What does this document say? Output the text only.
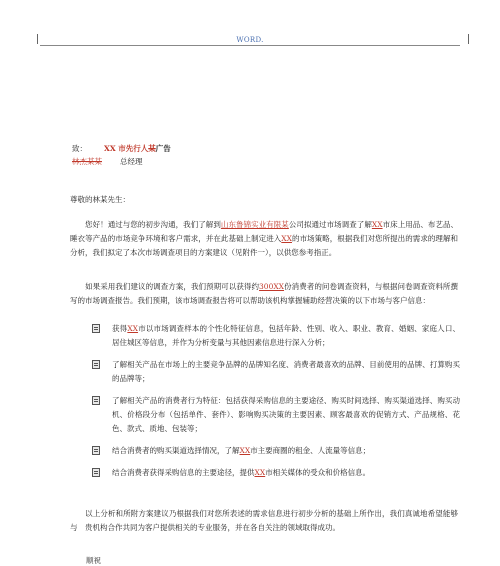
WORD.
致： XX 市先行人某广告
林杰某某 总经理
尊敬的林某先生：
您好！通过与您的初步沟通，我们了解到山东鲁锦实业有限某公司拟通过市场调查了解XX市床上用品、布艺品、睡衣等产品的市场竞争环境和客户需求，并在此基础上制定进入XX的市场策略，根据我们对您所提出的需求的理解和分析，我们拟定了本次市场调查项目的方案建议（见附件一），以供您参考指正。
如果采用我们建议的调查方案，我们预期可以获得约300XX份消费者的问卷调查资料，与根据问卷调查资料所撰写的市场调查报告。我们预期，该市场调查报告将可以帮助该机构掌握辅助经营决策的以下市场与客户信息：
获得XX市以市场调查样本的个性化特征信息，包括年龄、性别、收入、职业、教育、婚姻、家庭人口、居住城区等信息，并作为分析变量与其他因素信息进行深入分析；
了解相关产品在市场上的主要竞争品牌的品牌知名度、消费者最喜欢的品牌、目前使用的品牌、打算购买的品牌等；
了解相关产品的消费者行为特征：包括获得采购信息的主要途径、购买时间选择、购买渠道选择、购买动机、价格段分布（包括单件、套件）、影响购买决策的主要因素、顾客最喜欢的促销方式、产品规格、花色、款式、质地、包装等；
结合消费者的购买渠道选择情况，了解XX市主要商圈的租金、人流量等信息；
结合消费者获得采购信息的主要途径，提供XX市相关媒体的受众和价格信息。
以上分析和所附方案建议乃根据我们对您所表述的需求信息进行初步分析的基础上所作出，我们真诚地希望能够与　贵机构合作共同为客户提供相关的专业服务，并在各自关注的领域取得成功。
顺祝
